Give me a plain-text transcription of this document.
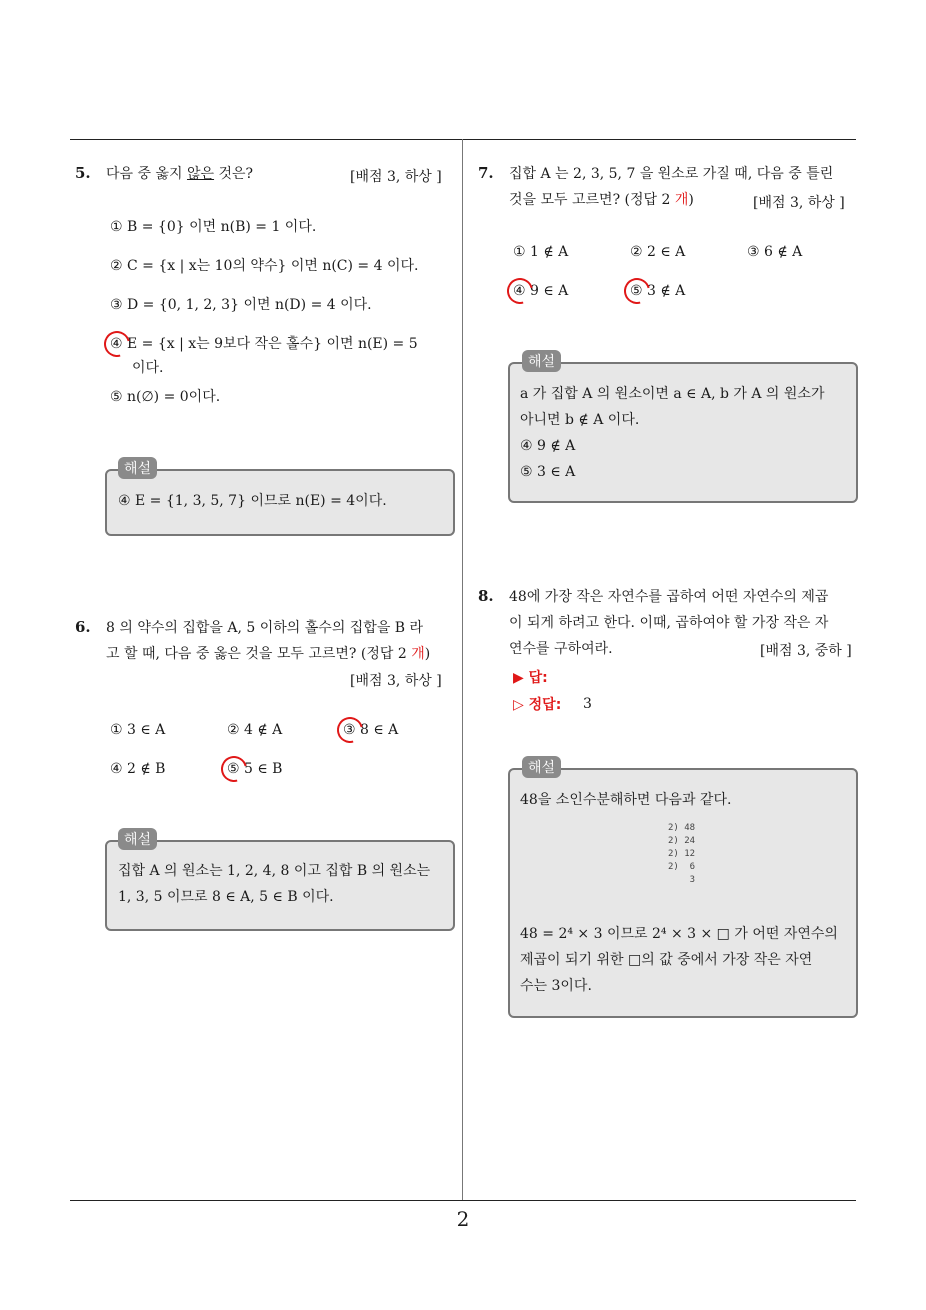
2
5. 다음 중 옳지 않은 것은?	[배점 3, 하상 ]
① B = {0} 이면 n(B) = 1 이다.
② C = {x | x는 10의 약수} 이면 n(C) = 4 이다.
③ D = {0, 1, 2, 3} 이면 n(D) = 4 이다.
④ E = {x | x는 9보다 작은 홀수} 이면 n(E) = 5
이다.
⑤ n(∅) = 0이다.
해설
④ E = {1, 3, 5, 7} 이므로 n(E) = 4이다.
6. 8 의 약수의 집합을 A, 5 이하의 홀수의 집합을 B 라
고 할 때, 다음 중 옳은 것을 모두 고르면? (정답 2 개)
[배점 3, 하상 ]
① 3 ∈ A	② 4 ∉ A	③ 8 ∈ A
④ 2 ∉ B	⑤ 5 ∈ B
해설
집합 A 의 원소는 1, 2, 4, 8 이고 집합 B 의 원소는
1, 3, 5 이므로 8 ∈ A, 5 ∈ B 이다.
7. 집합 A 는 2, 3, 5, 7 을 원소로 가질 때, 다음 중 틀린
것을 모두 고르면? (정답 2 개)	[배점 3, 하상 ]
① 1 ∉ A	② 2 ∈ A	③ 6 ∉ A
④ 9 ∈ A	⑤ 3 ∉ A
해설
a 가 집합 A 의 원소이면 a ∈ A, b 가 A 의 원소가
아니면 b ∉ A 이다.
④ 9 ∉ A
⑤ 3 ∈ A
8. 48에 가장 작은 자연수를 곱하여 어떤 자연수의 제곱
이 되게 하려고 한다. 이때, 곱하여야 할 가장 작은 자
연수를 구하여라.	[배점 3, 중하 ]
▶ 답:
▷ 정답: 3
해설
48을 소인수분해하면 다음과 같다.
2) 48
2) 24
2) 12
2)  6
3
48 = 2⁴ × 3 이므로 2⁴ × 3 × □ 가 어떤 자연수의
제곱이 되기 위한 □의 값 중에서 가장 작은 자연
수는 3이다.
